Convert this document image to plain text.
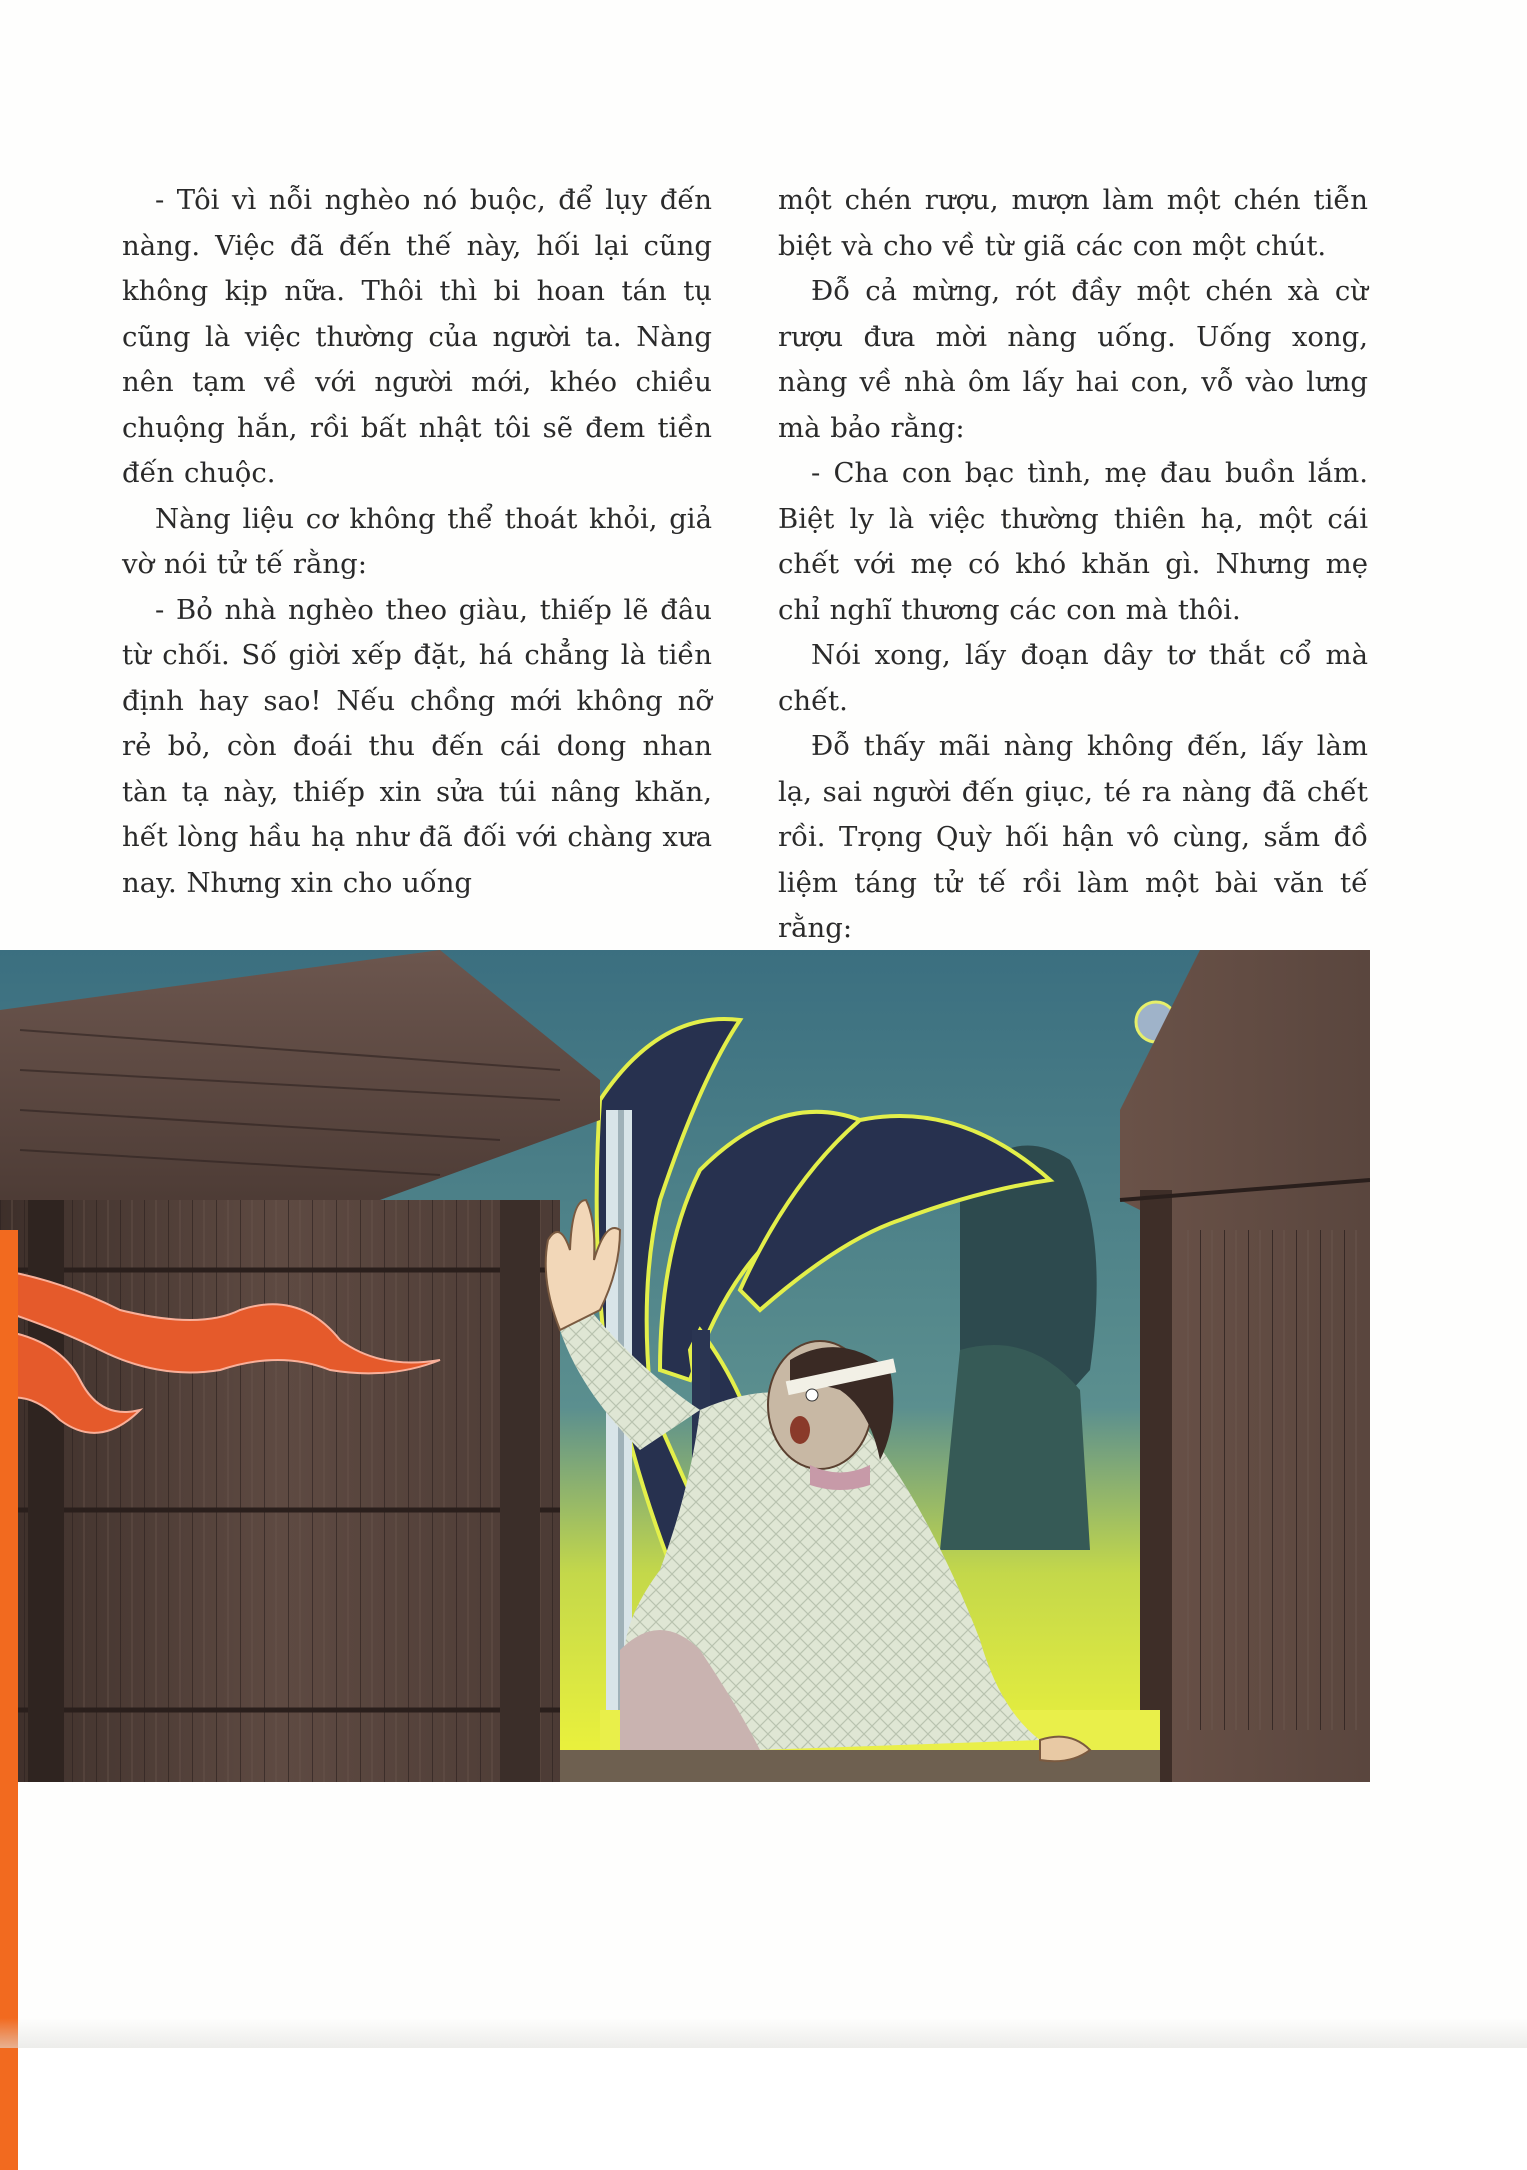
- Tôi vì nỗi nghèo nó buộc, để lụy đến nàng. Việc đã đến thế này, hối lại cũng không kịp nữa. Thôi thì bi hoan tán tụ cũng là việc thường của người ta. Nàng nên tạm về với người mới, khéo chiều chuộng hắn, rồi bất nhật tôi sẽ đem tiền đến chuộc.

Nàng liệu cơ không thể thoát khỏi, giả vờ nói tử tế rằng:

- Bỏ nhà nghèo theo giàu, thiếp lẽ đâu từ chối. Số giời xếp đặt, há chẳng là tiền định hay sao! Nếu chồng mới không nỡ rẻ bỏ, còn đoái thu đến cái dong nhan tàn tạ này, thiếp xin sửa túi nâng khăn, hết lòng hầu hạ như đã đối với chàng xưa nay. Nhưng xin cho uống

một chén rượu, mượn làm một chén tiễn biệt và cho về từ giã các con một chút.

Đỗ cả mừng, rót đầy một chén xà cừ rượu đưa mời nàng uống. Uống xong, nàng về nhà ôm lấy hai con, vỗ vào lưng mà bảo rằng:

- Cha con bạc tình, mẹ đau buồn lắm. Biệt ly là việc thường thiên hạ, một cái chết với mẹ có khó khăn gì. Nhưng mẹ chỉ nghĩ thương các con mà thôi.

Nói xong, lấy đoạn dây tơ thắt cổ mà chết.

Đỗ thấy mãi nàng không đến, lấy làm lạ, sai người đến giục, té ra nàng đã chết rồi. Trọng Quỳ hối hận vô cùng, sắm đồ liệm táng tử tế rồi làm một bài văn tế rằng:
